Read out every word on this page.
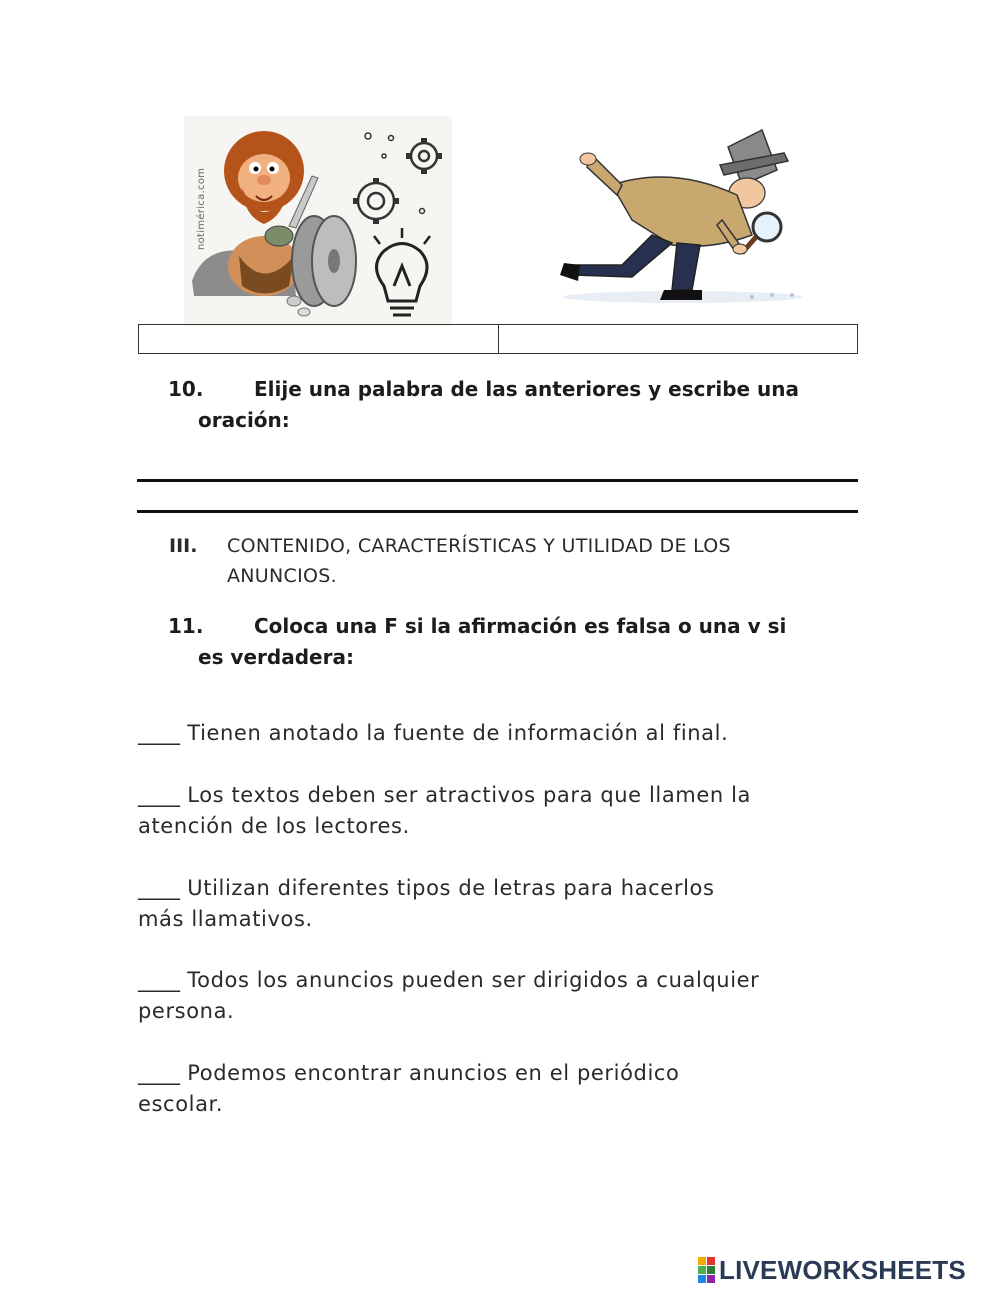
notimérica.com
10.	Elije una palabra de las anteriores y escribe una
oración:
III. CONTENIDO, CARACTERÍSTICAS Y UTILIDAD DE LOS
ANUNCIOS.
11.	Coloca una F si la afirmación es falsa o una v si
es verdadera:
____ Tienen anotado la fuente de información al final.
____ Los textos deben ser atractivos para que llamen la
atención de los lectores.
____ Utilizan diferentes tipos de letras para hacerlos
más llamativos.
____ Todos los anuncios pueden ser dirigidos a cualquier
persona.
____ Podemos encontrar anuncios en el periódico
escolar.
LIVEWORKSHEETS
